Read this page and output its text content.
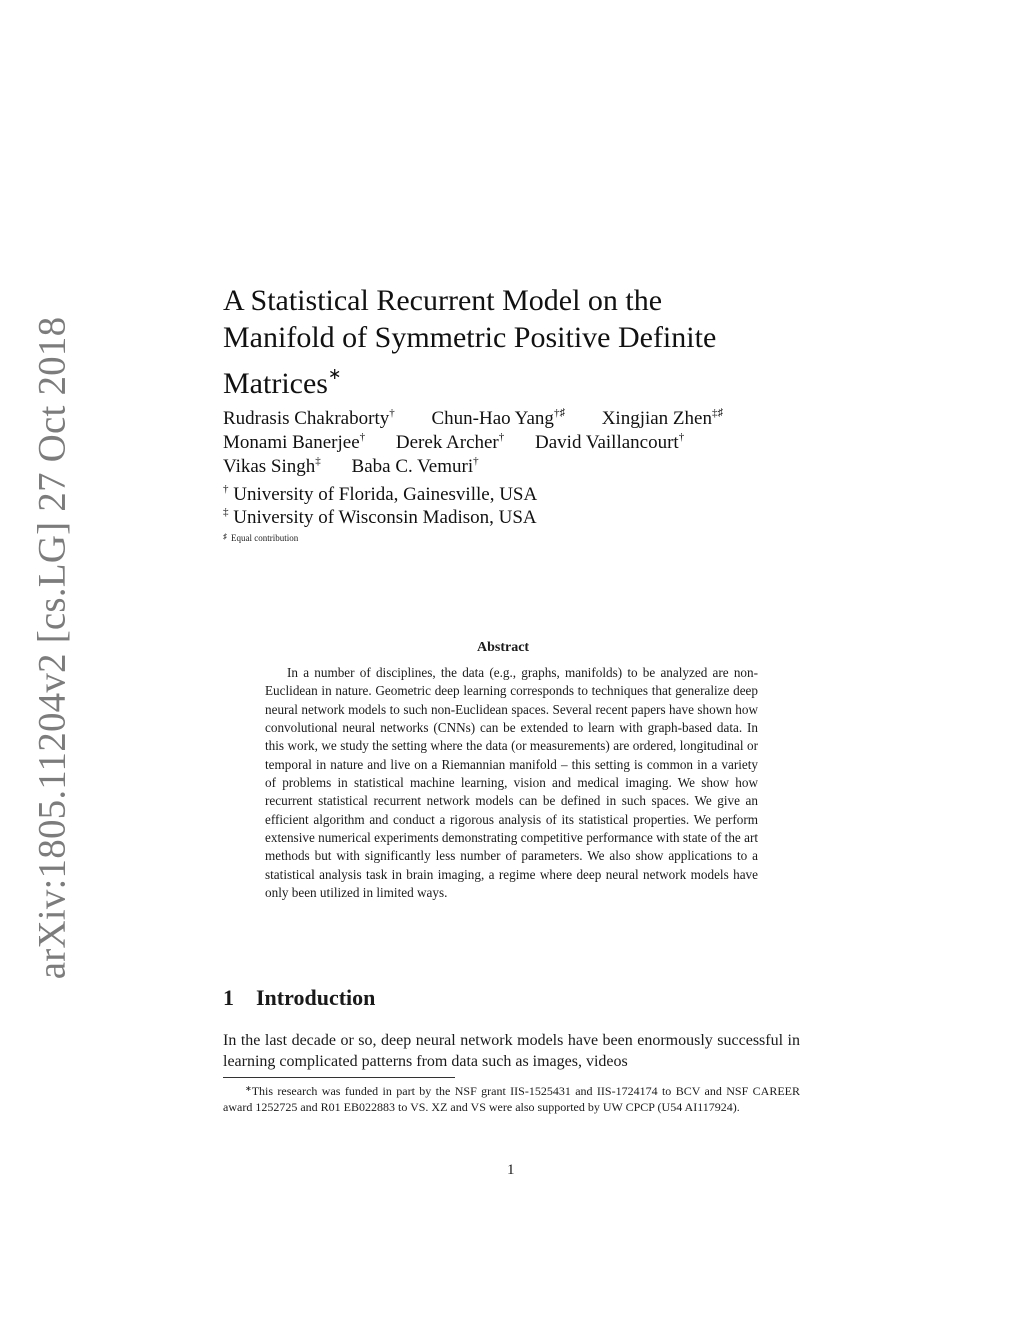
arXiv:1805.11204v2 [cs.LG] 27 Oct 2018
A Statistical Recurrent Model on the
Manifold of Symmetric Positive Definite
Matrices∗
Rudrasis Chakraborty† Chun-Hao Yang†♯ Xingjian Zhen‡♯
Monami Banerjee† Derek Archer† David Vaillancourt†
Vikas Singh‡ Baba C. Vemuri†
† University of Florida, Gainesville, USA
‡ University of Wisconsin Madison, USA
♯ Equal contribution
Abstract
In a number of disciplines, the data (e.g., graphs, manifolds) to be analyzed are non-Euclidean in nature. Geometric deep learning corresponds to techniques that generalize deep neural network models to such non-Euclidean spaces. Several recent papers have shown how convolutional neural networks (CNNs) can be extended to learn with graph-based data. In this work, we study the setting where the data (or measurements) are ordered, longitudinal or temporal in nature and live on a Riemannian manifold – this setting is common in a variety of problems in statistical machine learning, vision and medical imaging. We show how recurrent statistical recurrent network models can be defined in such spaces. We give an efficient algorithm and conduct a rigorous analysis of its statistical properties. We perform extensive numerical experiments demonstrating competitive performance with state of the art methods but with significantly less number of parameters. We also show applications to a statistical analysis task in brain imaging, a regime where deep neural network models have only been utilized in limited ways.
1 Introduction
In the last decade or so, deep neural network models have been enormously successful in learning complicated patterns from data such as images, videos
∗This research was funded in part by the NSF grant IIS-1525431 and IIS-1724174 to BCV and NSF CAREER award 1252725 and R01 EB022883 to VS. XZ and VS were also supported by UW CPCP (U54 AI117924).
1
